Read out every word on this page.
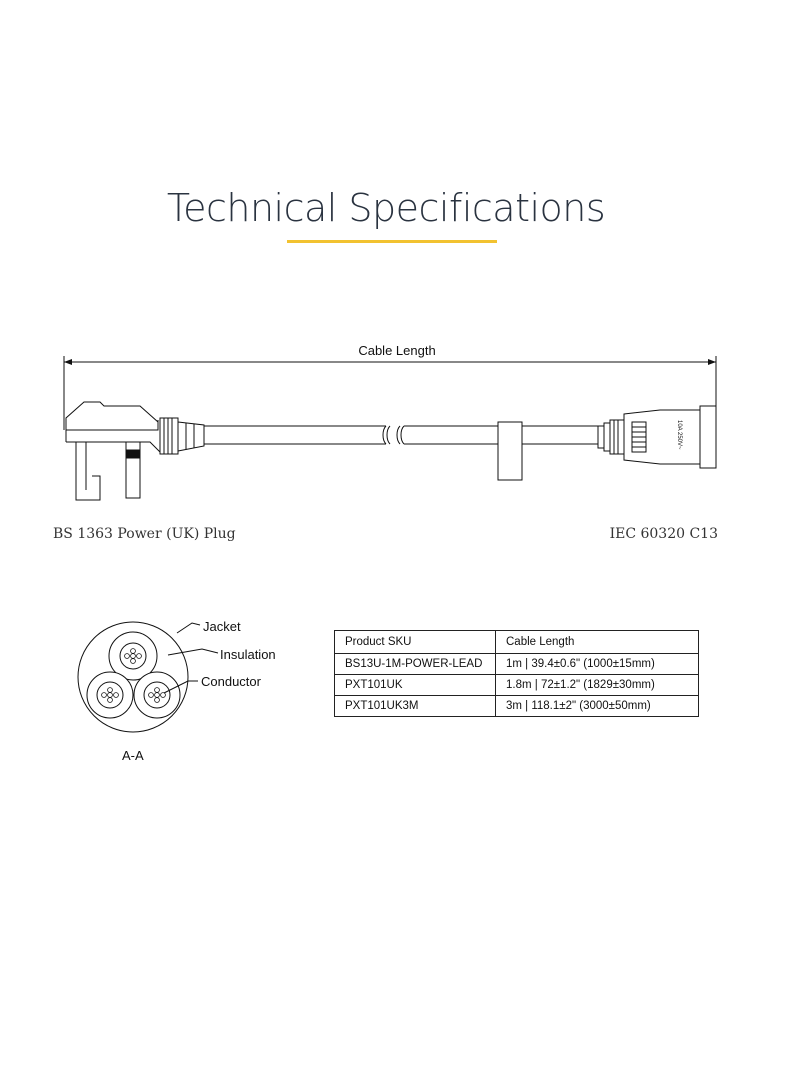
Technical Specifications
Cable Length
10A 250V~
BS 1363 Power (UK) Plug	IEC 60320 C13
Jacket
Insulation
Conductor
A-A
Product SKU	Cable Length
BS13U-1M-POWER-LEAD	1m | 39.4±0.6" (1000±15mm)
PXT101UK	1.8m | 72±1.2" (1829±30mm)
PXT101UK3M	3m | 118.1±2" (3000±50mm)
